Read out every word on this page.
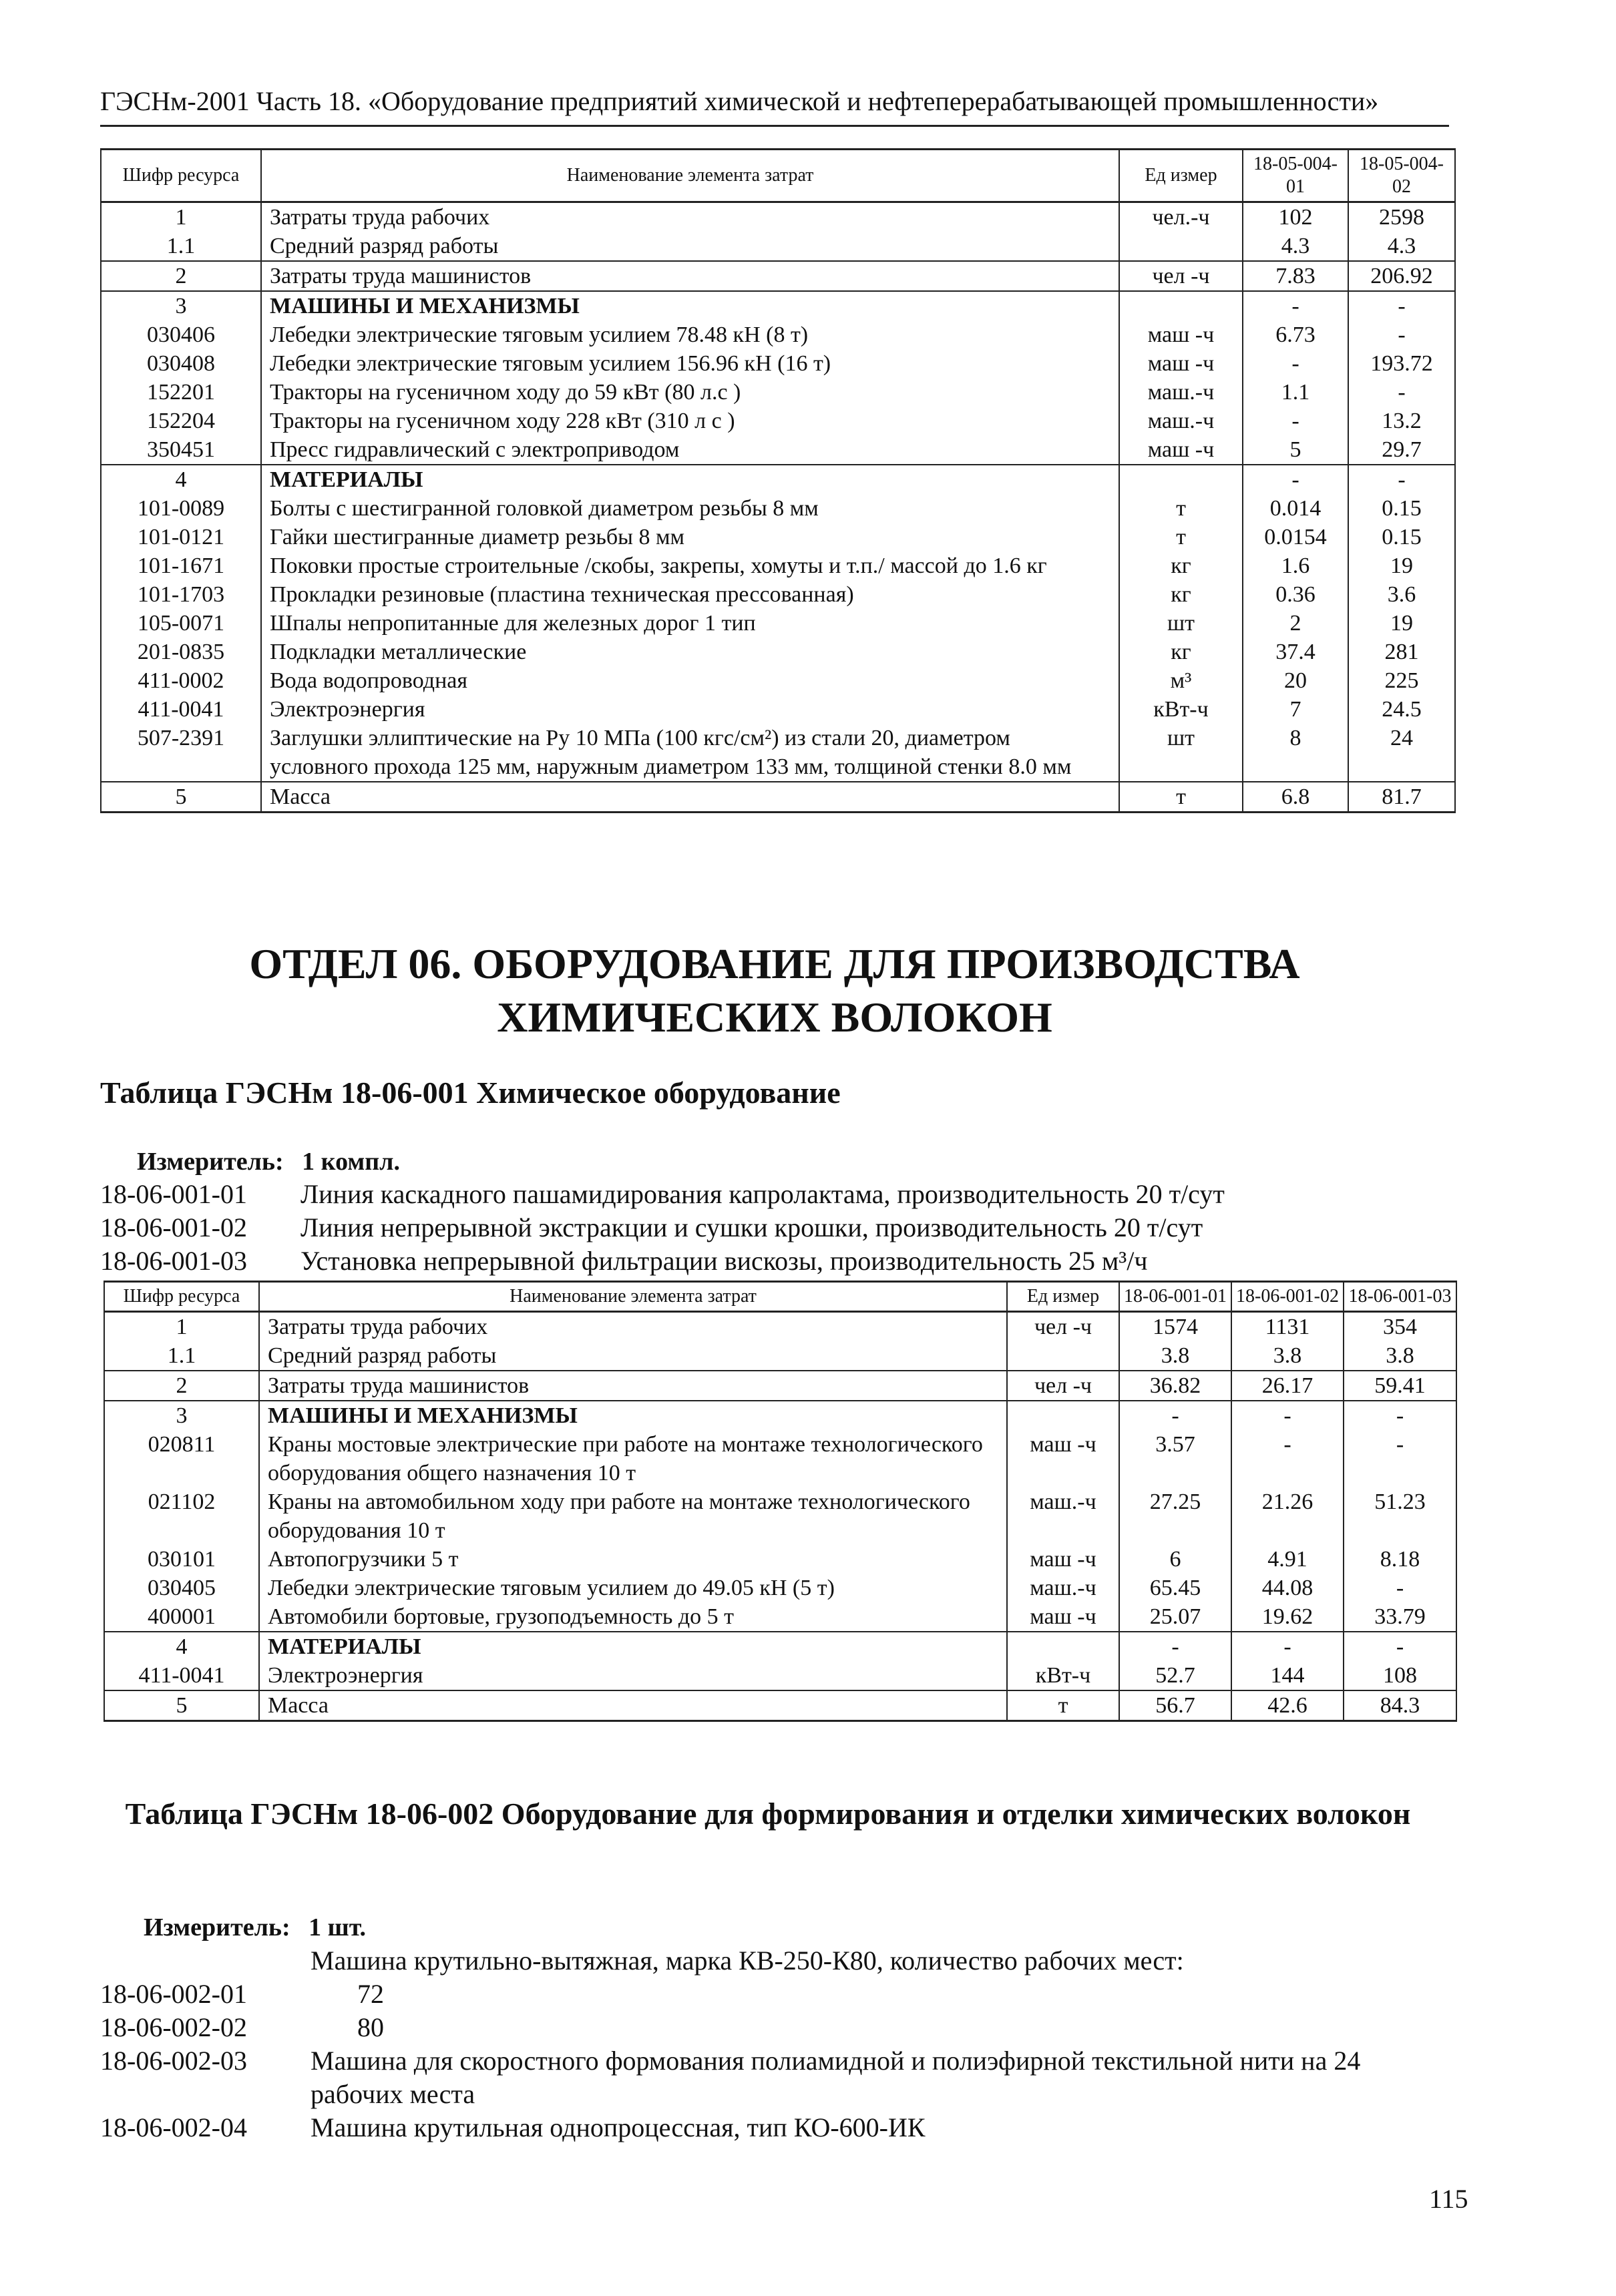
ГЭСНм-2001 Часть 18. «Оборудование предприятий химической и нефтеперерабатывающей промышленности»
Шифр ресурса	Наименование элемента затрат	Ед измер	18-05-004-01	18-05-004-02
1	Затраты труда рабочих	чел.-ч	102	2598
1.1	Средний разряд работы		4.3	4.3
2	Затраты труда машинистов	чел -ч	7.83	206.92
3	МАШИНЫ И МЕХАНИЗМЫ		-	-
030406	Лебедки электрические тяговым усилием 78.48 кН (8 т)	маш -ч	6.73	-
030408	Лебедки электрические тяговым усилием 156.96 кН (16 т)	маш -ч	-	193.72
152201	Тракторы на гусеничном ходу до 59 кВт (80 л.с )	маш.-ч	1.1	-
152204	Тракторы на гусеничном ходу 228 кВт (310 л с )	маш.-ч	-	13.2
350451	Пресс гидравлический с электроприводом	маш -ч	5	29.7
4	МАТЕРИАЛЫ		-	-
101-0089	Болты с шестигранной головкой диаметром резьбы 8 мм	т	0.014	0.15
101-0121	Гайки шестигранные диаметр резьбы 8 мм	т	0.0154	0.15
101-1671	Поковки простые строительные /скобы, закрепы, хомуты и т.п./ массой до 1.6 кг	кг	1.6	19
101-1703	Прокладки резиновые (пластина техническая прессованная)	кг	0.36	3.6
105-0071	Шпалы непропитанные для железных дорог 1 тип	шт	2	19
201-0835	Подкладки металлические	кг	37.4	281
411-0002	Вода водопроводная	м³	20	225
411-0041	Электроэнергия	кВт-ч	7	24.5
507-2391	Заглушки эллиптические на Ру 10 МПа (100 кгс/см²) из стали 20, диаметром условного прохода 125 мм, наружным диаметром 133 мм, толщиной стенки 8.0 мм	шт	8	24
5	Масса	т	6.8	81.7
ОТДЕЛ 06. ОБОРУДОВАНИЕ ДЛЯ ПРОИЗВОДСТВА ХИМИЧЕСКИХ ВОЛОКОН
Таблица ГЭСНм 18-06-001 Химическое оборудование
Измеритель: 1 компл.
18-06-001-01	Линия каскадного пашамидирования капролактама, производительность 20 т/сут
18-06-001-02	Линия непрерывной экстракции и сушки крошки, производительность 20 т/сут
18-06-001-03	Установка непрерывной фильтрации вискозы, производительность 25 м³/ч
Шифр ресурса	Наименование элемента затрат	Ед измер	18-06-001-01	18-06-001-02	18-06-001-03
1	Затраты труда рабочих	чел -ч	1574	1131	354
1.1	Средний разряд работы		3.8	3.8	3.8
2	Затраты труда машинистов	чел -ч	36.82	26.17	59.41
3	МАШИНЫ И МЕХАНИЗМЫ		-	-	-
020811	Краны мостовые электрические при работе на монтаже технологического оборудования общего назначения 10 т	маш -ч	3.57	-	-
021102	Краны на автомобильном ходу при работе на монтаже технологического оборудования 10 т	маш.-ч	27.25	21.26	51.23
030101	Автопогрузчики 5 т	маш -ч	6	4.91	8.18
030405	Лебедки электрические тяговым усилием до 49.05 кН (5 т)	маш.-ч	65.45	44.08	-
400001	Автомобили бортовые, грузоподъемность до 5 т	маш -ч	25.07	19.62	33.79
4	МАТЕРИАЛЫ		-	-	-
411-0041	Электроэнергия	кВт-ч	52.7	144	108
5	Масса	т	56.7	42.6	84.3
Таблица ГЭСНм 18-06-002 Оборудование для формирования и отделки химических волокон
Измеритель: 1 шт.
Машина крутильно-вытяжная, марка КВ-250-К80, количество рабочих мест:
18-06-002-01	72
18-06-002-02	80
18-06-002-03	Машина для скоростного формования полиамидной и полиэфирной текстильной нити на 24 рабочих места
18-06-002-04	Машина крутильная однопроцессная, тип КО-600-ИК
115
